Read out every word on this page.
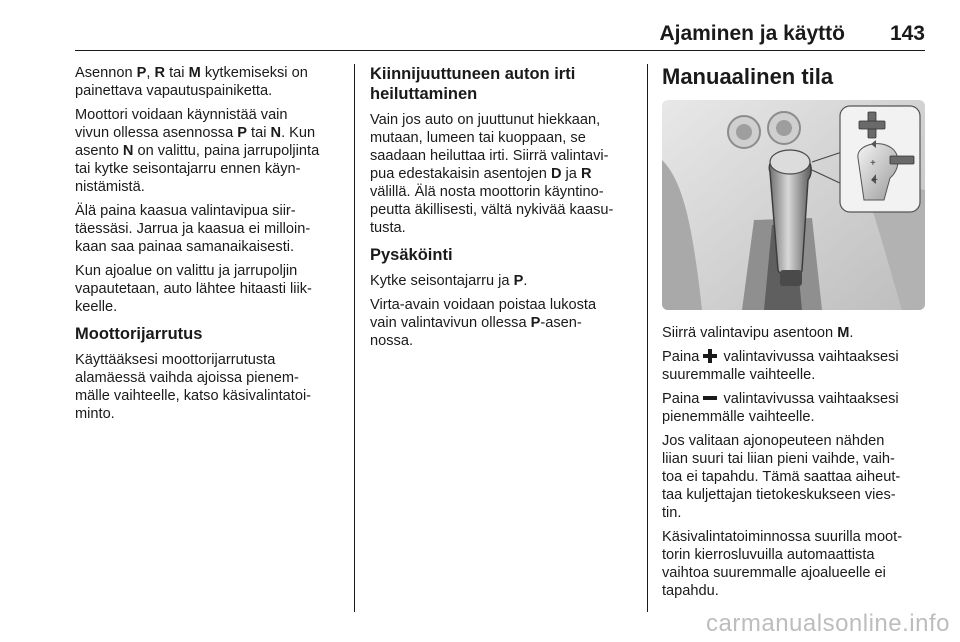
Ajaminen ja käyttö 143

Asennon P, R tai M kytkemiseksi on
painettava vapautuspainiketta.

Moottori voidaan käynnistää vain
vivun ollessa asennossa P tai N. Kun
asento N on valittu, paina jarrupoljinta
tai kytke seisontajarru ennen käyn-
nistämistä.

Älä paina kaasua valintavipua siir-
täessäsi. Jarrua ja kaasua ei milloin-
kaan saa painaa samanaikaisesti.

Kun ajoalue on valittu ja jarrupoljin
vapautetaan, auto lähtee hitaasti liik-
keelle.

Moottorijarrutus

Käyttääksesi moottorijarrutusta
alamäessä vaihda ajoissa pienem-
mälle vaihteelle, katso käsivalintatoi-
minto.

Kiinnijuuttuneen auton irti
heiluttaminen

Vain jos auto on juuttunut hiekkaan,
mutaan, lumeen tai kuoppaan, se
saadaan heiluttaa irti. Siirrä valintavi-
pua edestakaisin asentojen D ja R
välillä. Älä nosta moottorin käyntino-
peutta äkillisesti, vältä nykivää kaasu-
tusta.

Pysäköinti

Kytke seisontajarru ja P.

Virta-avain voidaan poistaa lukosta
vain valintavivun ollessa P-asen-
nossa.

Manuaalinen tila
+
–

Siirrä valintavipu asentoon M.

Paina  valintavivussa vaihtaaksesi
suuremmalle vaihteelle.

Paina  valintavivussa vaihtaaksesi
pienemmälle vaihteelle.

Jos valitaan ajonopeuteen nähden
liian suuri tai liian pieni vaihde, vaih-
toa ei tapahdu. Tämä saattaa aiheut-
taa kuljettajan tietokeskukseen vies-
tin.

Käsivalintatoiminnossa suurilla moot-
torin kierrosluvuilla automaattista
vaihtoa suuremmalle ajoalueelle ei
tapahdu.

carmanualsonline.info
